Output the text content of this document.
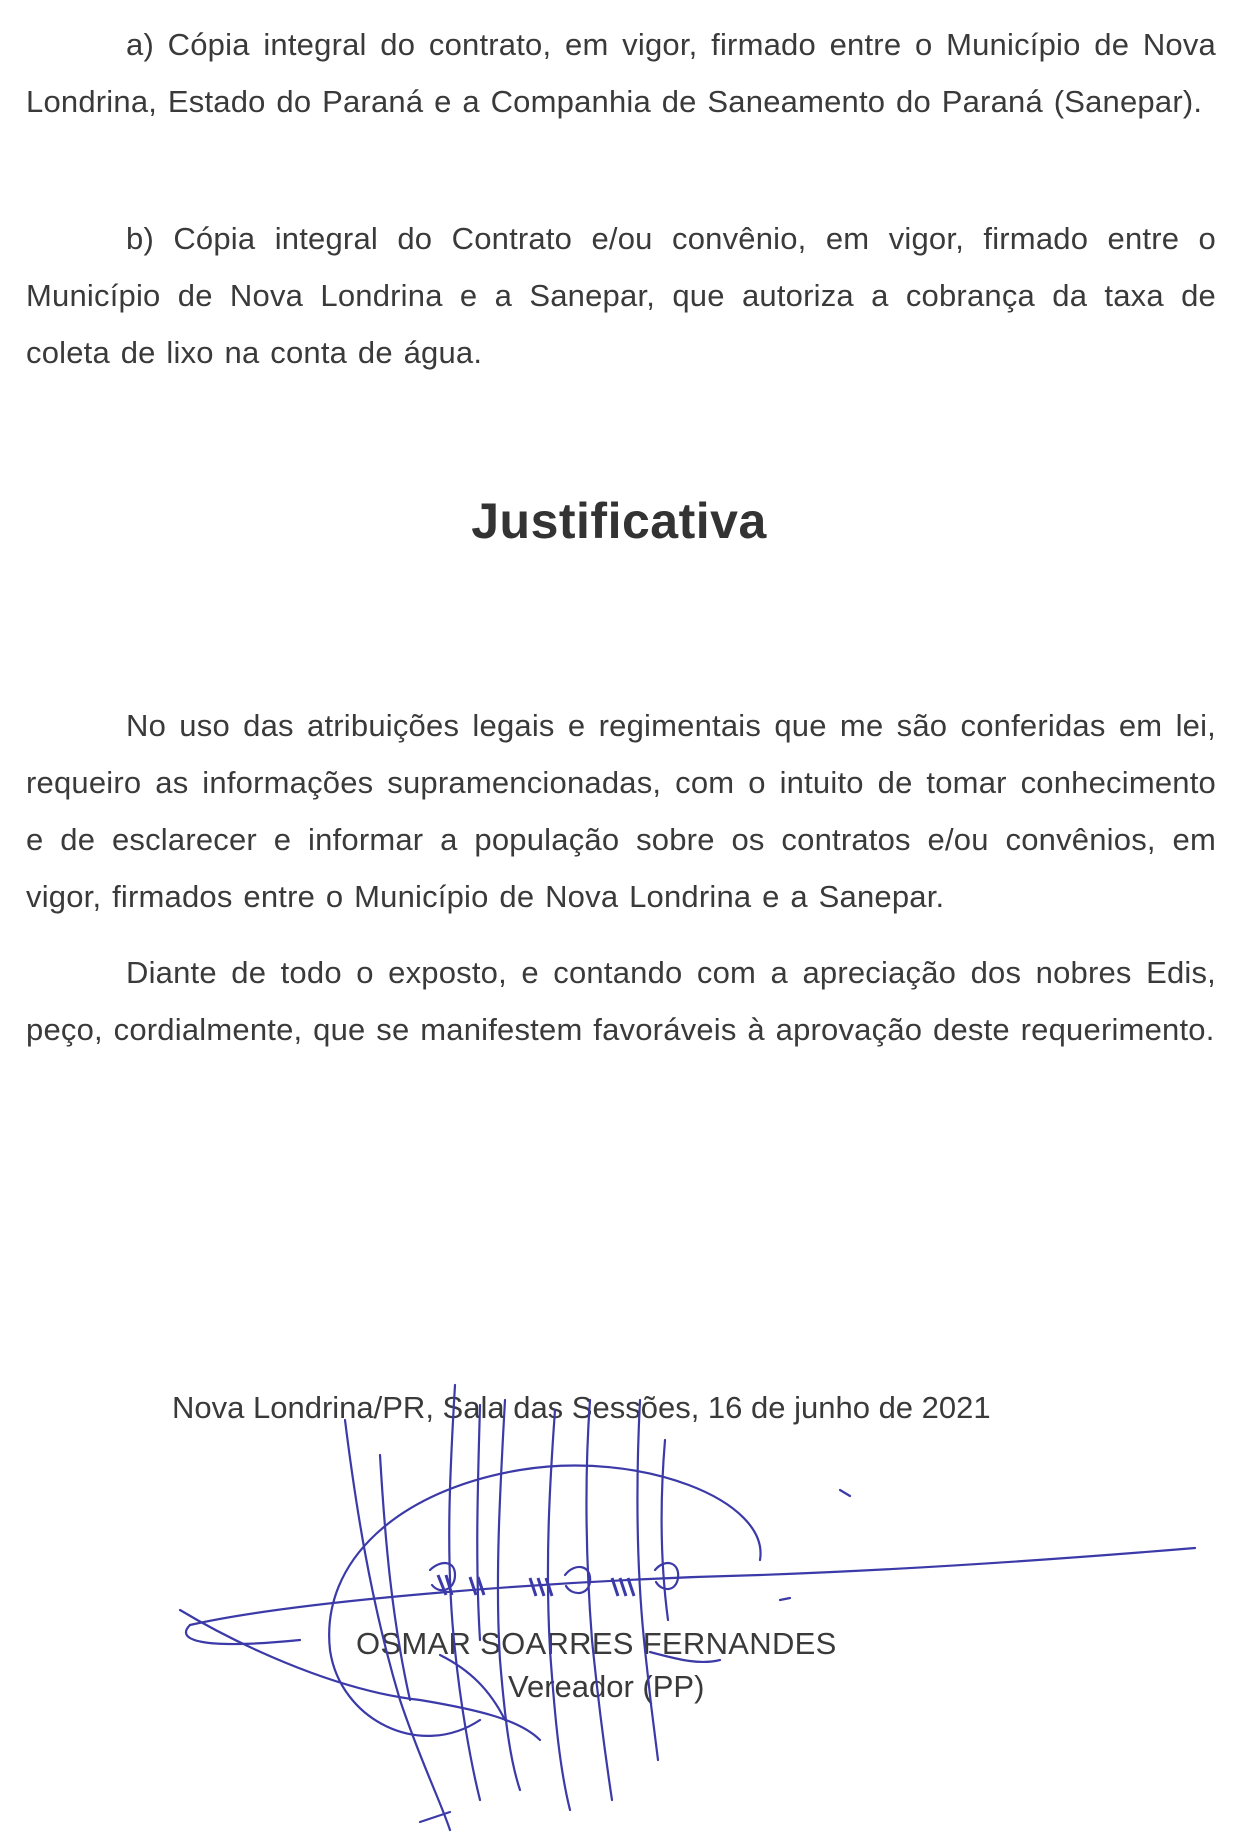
a) Cópia integral do contrato, em vigor, firmado entre o Município de Nova Londrina, Estado do Paraná e a Companhia de Saneamento do Paraná (Sanepar).

b) Cópia integral do Contrato e/ou convênio, em vigor, firmado entre o Município de Nova Londrina e a Sanepar, que autoriza a cobrança da taxa de coleta de lixo na conta de água.

Justificativa

No uso das atribuições legais e regimentais que me são conferidas em lei, requeiro as informações supramencionadas, com o intuito de tomar conhecimento e de esclarecer e informar a população sobre os contratos e/ou convênios, em vigor, firmados entre o Município de Nova Londrina e a Sanepar.

Diante de todo o exposto, e contando com a apreciação dos nobres Edis, peço, cordialmente, que se manifestem favoráveis à aprovação deste requerimento.

Nova Londrina/PR, Sala das Sessões, 16 de junho de 2021

OSMAR SOARRES FERNANDES

Vereador (PP)
